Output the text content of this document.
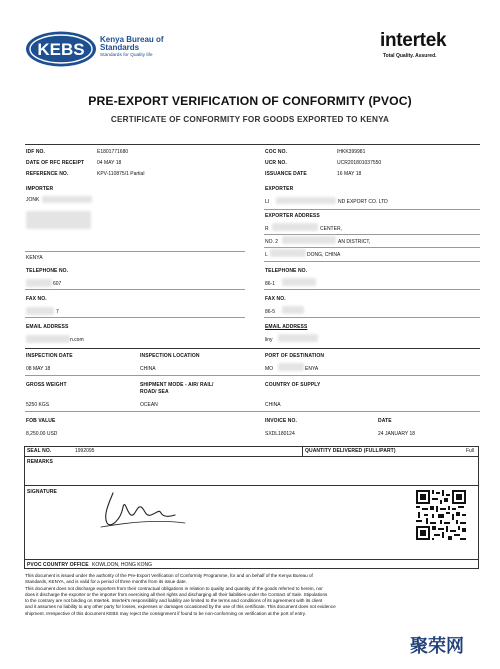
KEBS
Kenya Bureau of
Standards
Standards for Quality life
intertek
Total Quality. Assured.
PRE-EXPORT VERIFICATION OF CONFORMITY (PVOC)
CERTIFICATE OF CONFORMITY FOR GOODS EXPORTED TO KENYA
IDF NO.	E1801771680
DATE OF RFC RECEIPT	04 MAY 18
REFERENCE NO.	KPV-110875/1 Partial
COC NO.	IHKK399981
UCR NO.	UCR201801037550
ISSUANCE DATE	16 MAY 18
IMPORTER
JONK
KENYA
EXPORTER
LI	ND EXPORT CO. LTD
EXPORTER ADDRESS
R	CENTER,
NO. 2	AN DISTRICT,
L	DONG, CHINA
TELEPHONE NO.
607
TELEPHONE NO.
86-1
FAX NO.
7
FAX NO.
86-5
EMAIL ADDRESS
n.com
EMAIL ADDRESS
liny
INSPECTION DATE
08 MAY 18
INSPECTION LOCATION
CHINA
PORT OF DESTINATION
MO	ENYA
GROSS WEIGHT	SHIPMENT MODE - AIR/ RAIL/
ROAD/ SEA
COUNTRY OF SUPPLY
5250 KGS	OCEAN	CHINA
FOB VALUE
8,250.00 USD
INVOICE NO.
SXDL180124
DATE
24 JANUARY 18
SEAL NO.	1992095	QUANTITY DELIVERED (FULL/PART)	Full
REMARKS
SIGNATURE
PVOC COUNTRY OFFICE KOWLOON, HONG KONG
This document is issued under the authority of the Pre-Export Verification of Conformity Programme, for and on behalf of the Kenya Bureau of
Standards, KENYA, and is valid for a period of three months from its issue date.
This document does not discharge exporters from their contractual obligations in relation to quality and quantity of the goods referred to herein, nor
does it discharge the exporter or the importer from exercising all their rights and discharging all their liabilities under the Contract of Sale. Stipulations
to the contrary are not binding on Intertek. Intertek's responsibility and liability are limited to the terms and conditions of its agreement with its client
and it assumes no liability to any other party for losses, expenses or damages occasioned by the use of this certificate. This document does not evidence
shipment. Irrespective of this document KEBS may reject the consignment if found to be non-conforming on verification at the port of entry.
聚荣网
